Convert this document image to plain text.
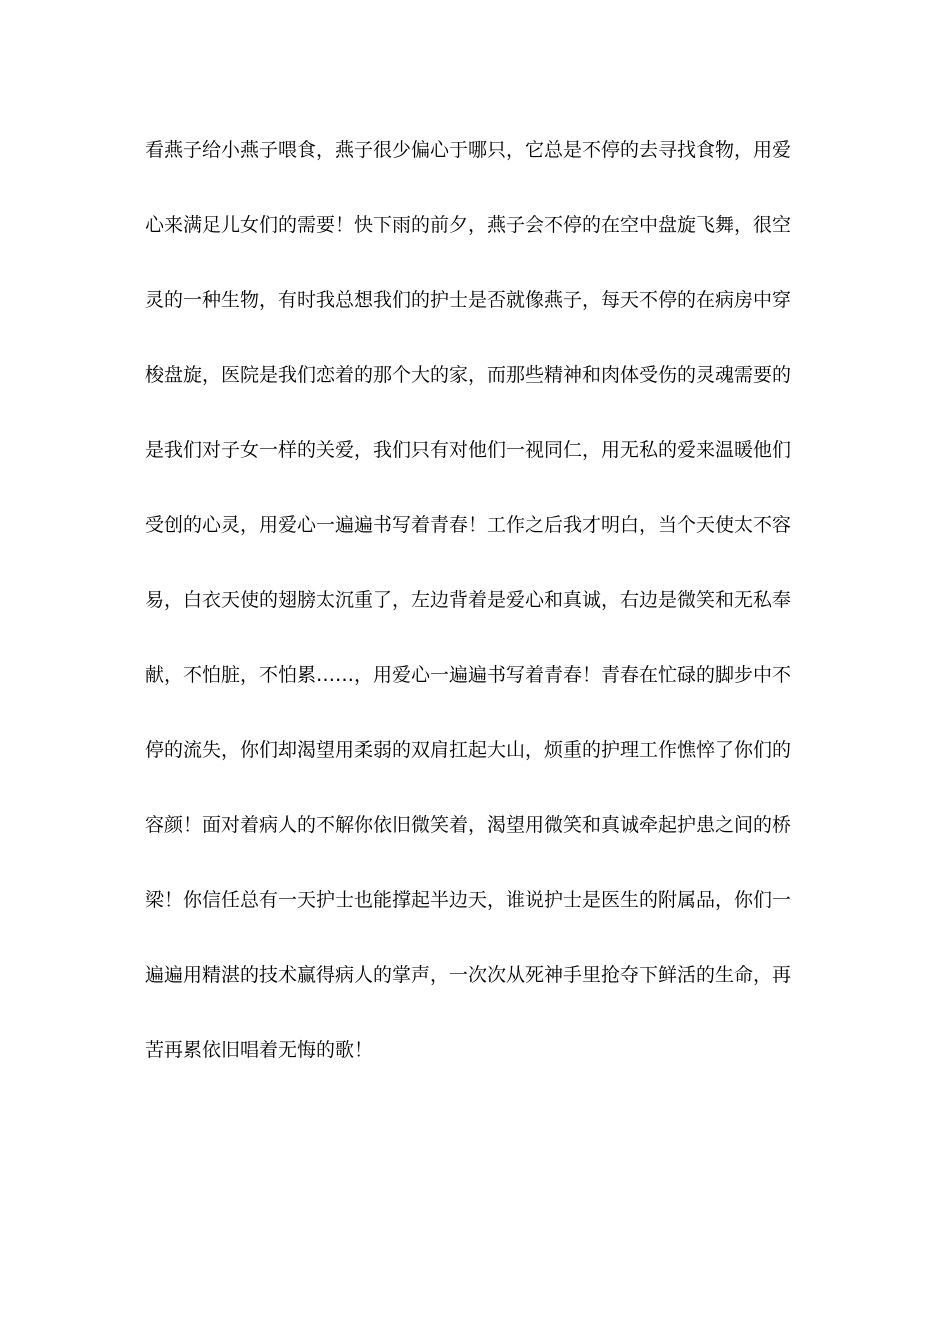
看燕子给小燕子喂食，燕子很少偏心于哪只，它总是不停的去寻找食物，用爱
心来满足儿女们的需要！快下雨的前夕，燕子会不停的在空中盘旋飞舞，很空
灵的一种生物，有时我总想我们的护士是否就像燕子，每天不停的在病房中穿
梭盘旋，医院是我们恋着的那个大的家，而那些精神和肉体受伤的灵魂需要的
是我们对子女一样的关爱，我们只有对他们一视同仁，用无私的爱来温暖他们
受创的心灵，用爱心一遍遍书写着青春！工作之后我才明白，当个天使太不容
易，白衣天使的翅膀太沉重了，左边背着是爱心和真诚，右边是微笑和无私奉
献，不怕脏，不怕累……，用爱心一遍遍书写着青春！青春在忙碌的脚步中不
停的流失，你们却渴望用柔弱的双肩扛起大山，烦重的护理工作憔悴了你们的
容颜！面对着病人的不解你依旧微笑着，渴望用微笑和真诚牵起护患之间的桥
梁！你信任总有一天护士也能撑起半边天，谁说护士是医生的附属品，你们一
遍遍用精湛的技术赢得病人的掌声，一次次从死神手里抢夺下鲜活的生命，再
苦再累依旧唱着无悔的歌！
